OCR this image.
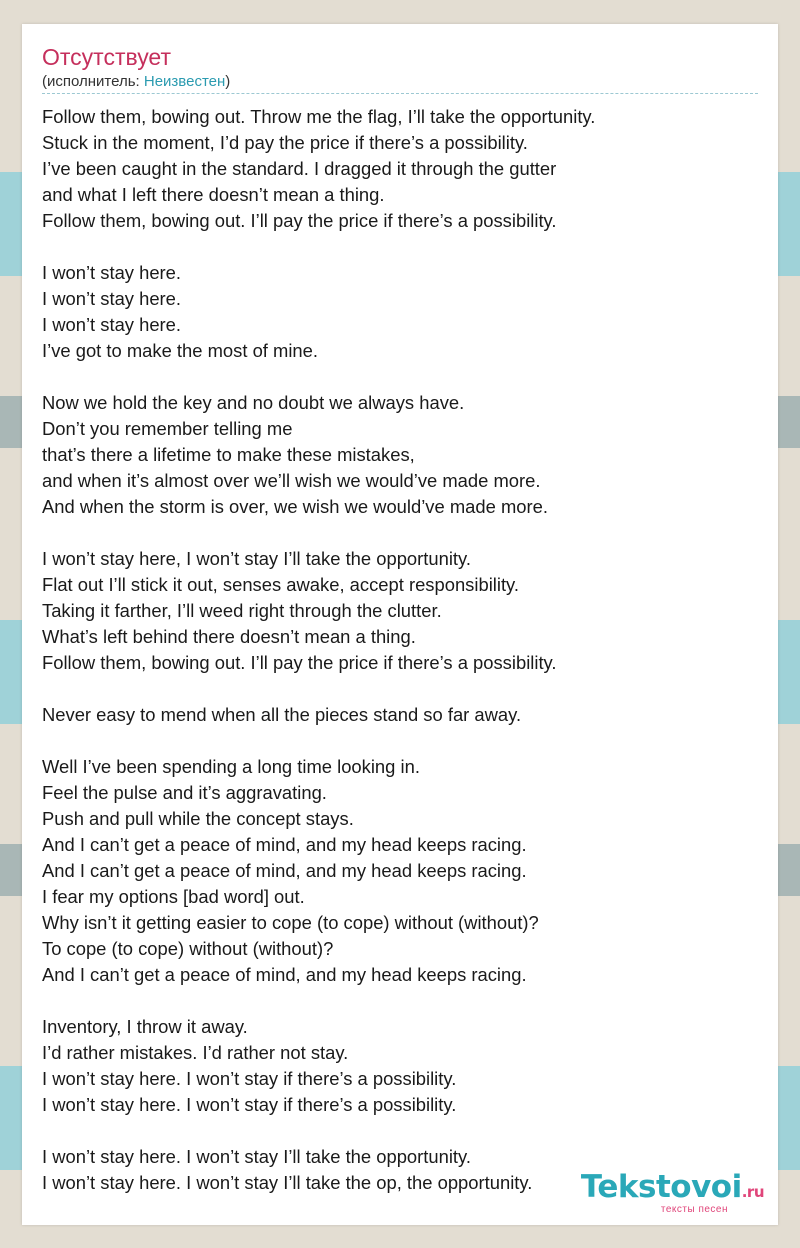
Отсутствует
(исполнитель: Неизвестен)
Follow them, bowing out. Throw me the flag, I’ll take the opportunity.
Stuck in the moment, I’d pay the price if there’s a possibility.
I’ve been caught in the standard. I dragged it through the gutter
and what I left there doesn’t mean a thing.
Follow them, bowing out. I’ll pay the price if there’s a possibility.
I won’t stay here.
I won’t stay here.
I won’t stay here.
I’ve got to make the most of mine.
Now we hold the key and no doubt we always have.
Don’t you remember telling me
that’s there a lifetime to make these mistakes,
and when it’s almost over we’ll wish we would’ve made more.
And when the storm is over, we wish we would’ve made more.
I won’t stay here, I won’t stay I’ll take the opportunity.
Flat out I’ll stick it out, senses awake, accept responsibility.
Taking it farther, I’ll weed right through the clutter.
What’s left behind there doesn’t mean a thing.
Follow them, bowing out. I’ll pay the price if there’s a possibility.
Never easy to mend when all the pieces stand so far away.
Well I’ve been spending a long time looking in.
Feel the pulse and it’s aggravating.
Push and pull while the concept stays.
And I can’t get a peace of mind, and my head keeps racing.
And I can’t get a peace of mind, and my head keeps racing.
I fear my options [bad word] out.
Why isn’t it getting easier to cope (to cope) without (without)?
To cope (to cope) without (without)?
And I can’t get a peace of mind, and my head keeps racing.
Inventory, I throw it away.
I’d rather mistakes. I’d rather not stay.
I won’t stay here. I won’t stay if there’s a possibility.
I won’t stay here. I won’t stay if there’s a possibility.
I won’t stay here. I won’t stay I’ll take the opportunity.
I won’t stay here. I won’t stay I’ll take the op, the opportunity.	Tekstovoi.ru
тексты песен
